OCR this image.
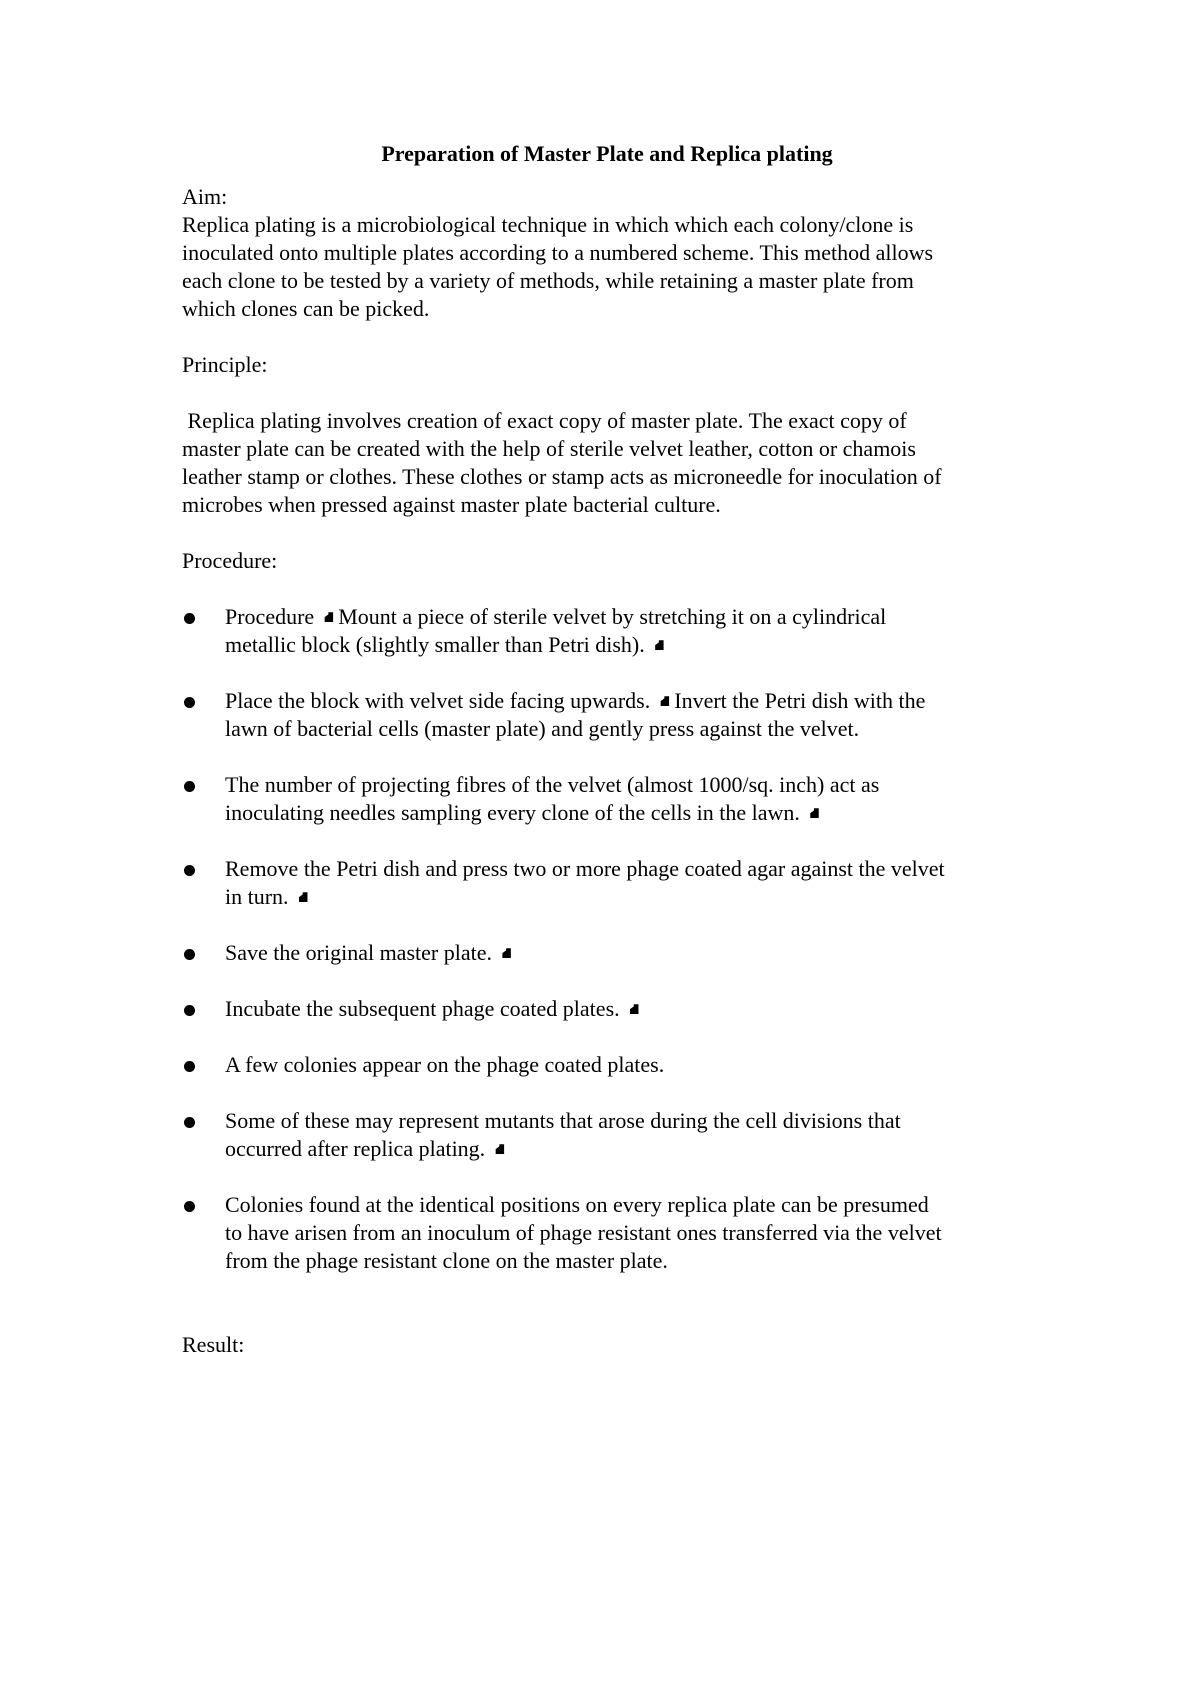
Preparation of Master Plate and Replica plating
Aim:
Replica plating is a microbiological technique in which which each colony/clone is
inoculated onto multiple plates according to a numbered scheme. This method allows
each clone to be tested by a variety of methods, while retaining a master plate from
which clones can be picked.
Principle:
Replica plating involves creation of exact copy of master plate. The exact copy of
master plate can be created with the help of sterile velvet leather, cotton or chamois
leather stamp or clothes. These clothes or stamp acts as microneedle for inoculation of
microbes when pressed against master plate bacterial culture.
Procedure:
Procedure ⛘ Mount a piece of sterile velvet by stretching it on a cylindrical
metallic block (slightly smaller than Petri dish). ⛘
Place the block with velvet side facing upwards. ⛘ Invert the Petri dish with the
lawn of bacterial cells (master plate) and gently press against the velvet.
The number of projecting fibres of the velvet (almost 1000/sq. inch) act as
inoculating needles sampling every clone of the cells in the lawn. ⛘
Remove the Petri dish and press two or more phage coated agar against the velvet
in turn. ⛘
Save the original master plate. ⛘
Incubate the subsequent phage coated plates. ⛘
A few colonies appear on the phage coated plates.
Some of these may represent mutants that arose during the cell divisions that
occurred after replica plating. ⛘
Colonies found at the identical positions on every replica plate can be presumed
to have arisen from an inoculum of phage resistant ones transferred via the velvet
from the phage resistant clone on the master plate.
Result:
